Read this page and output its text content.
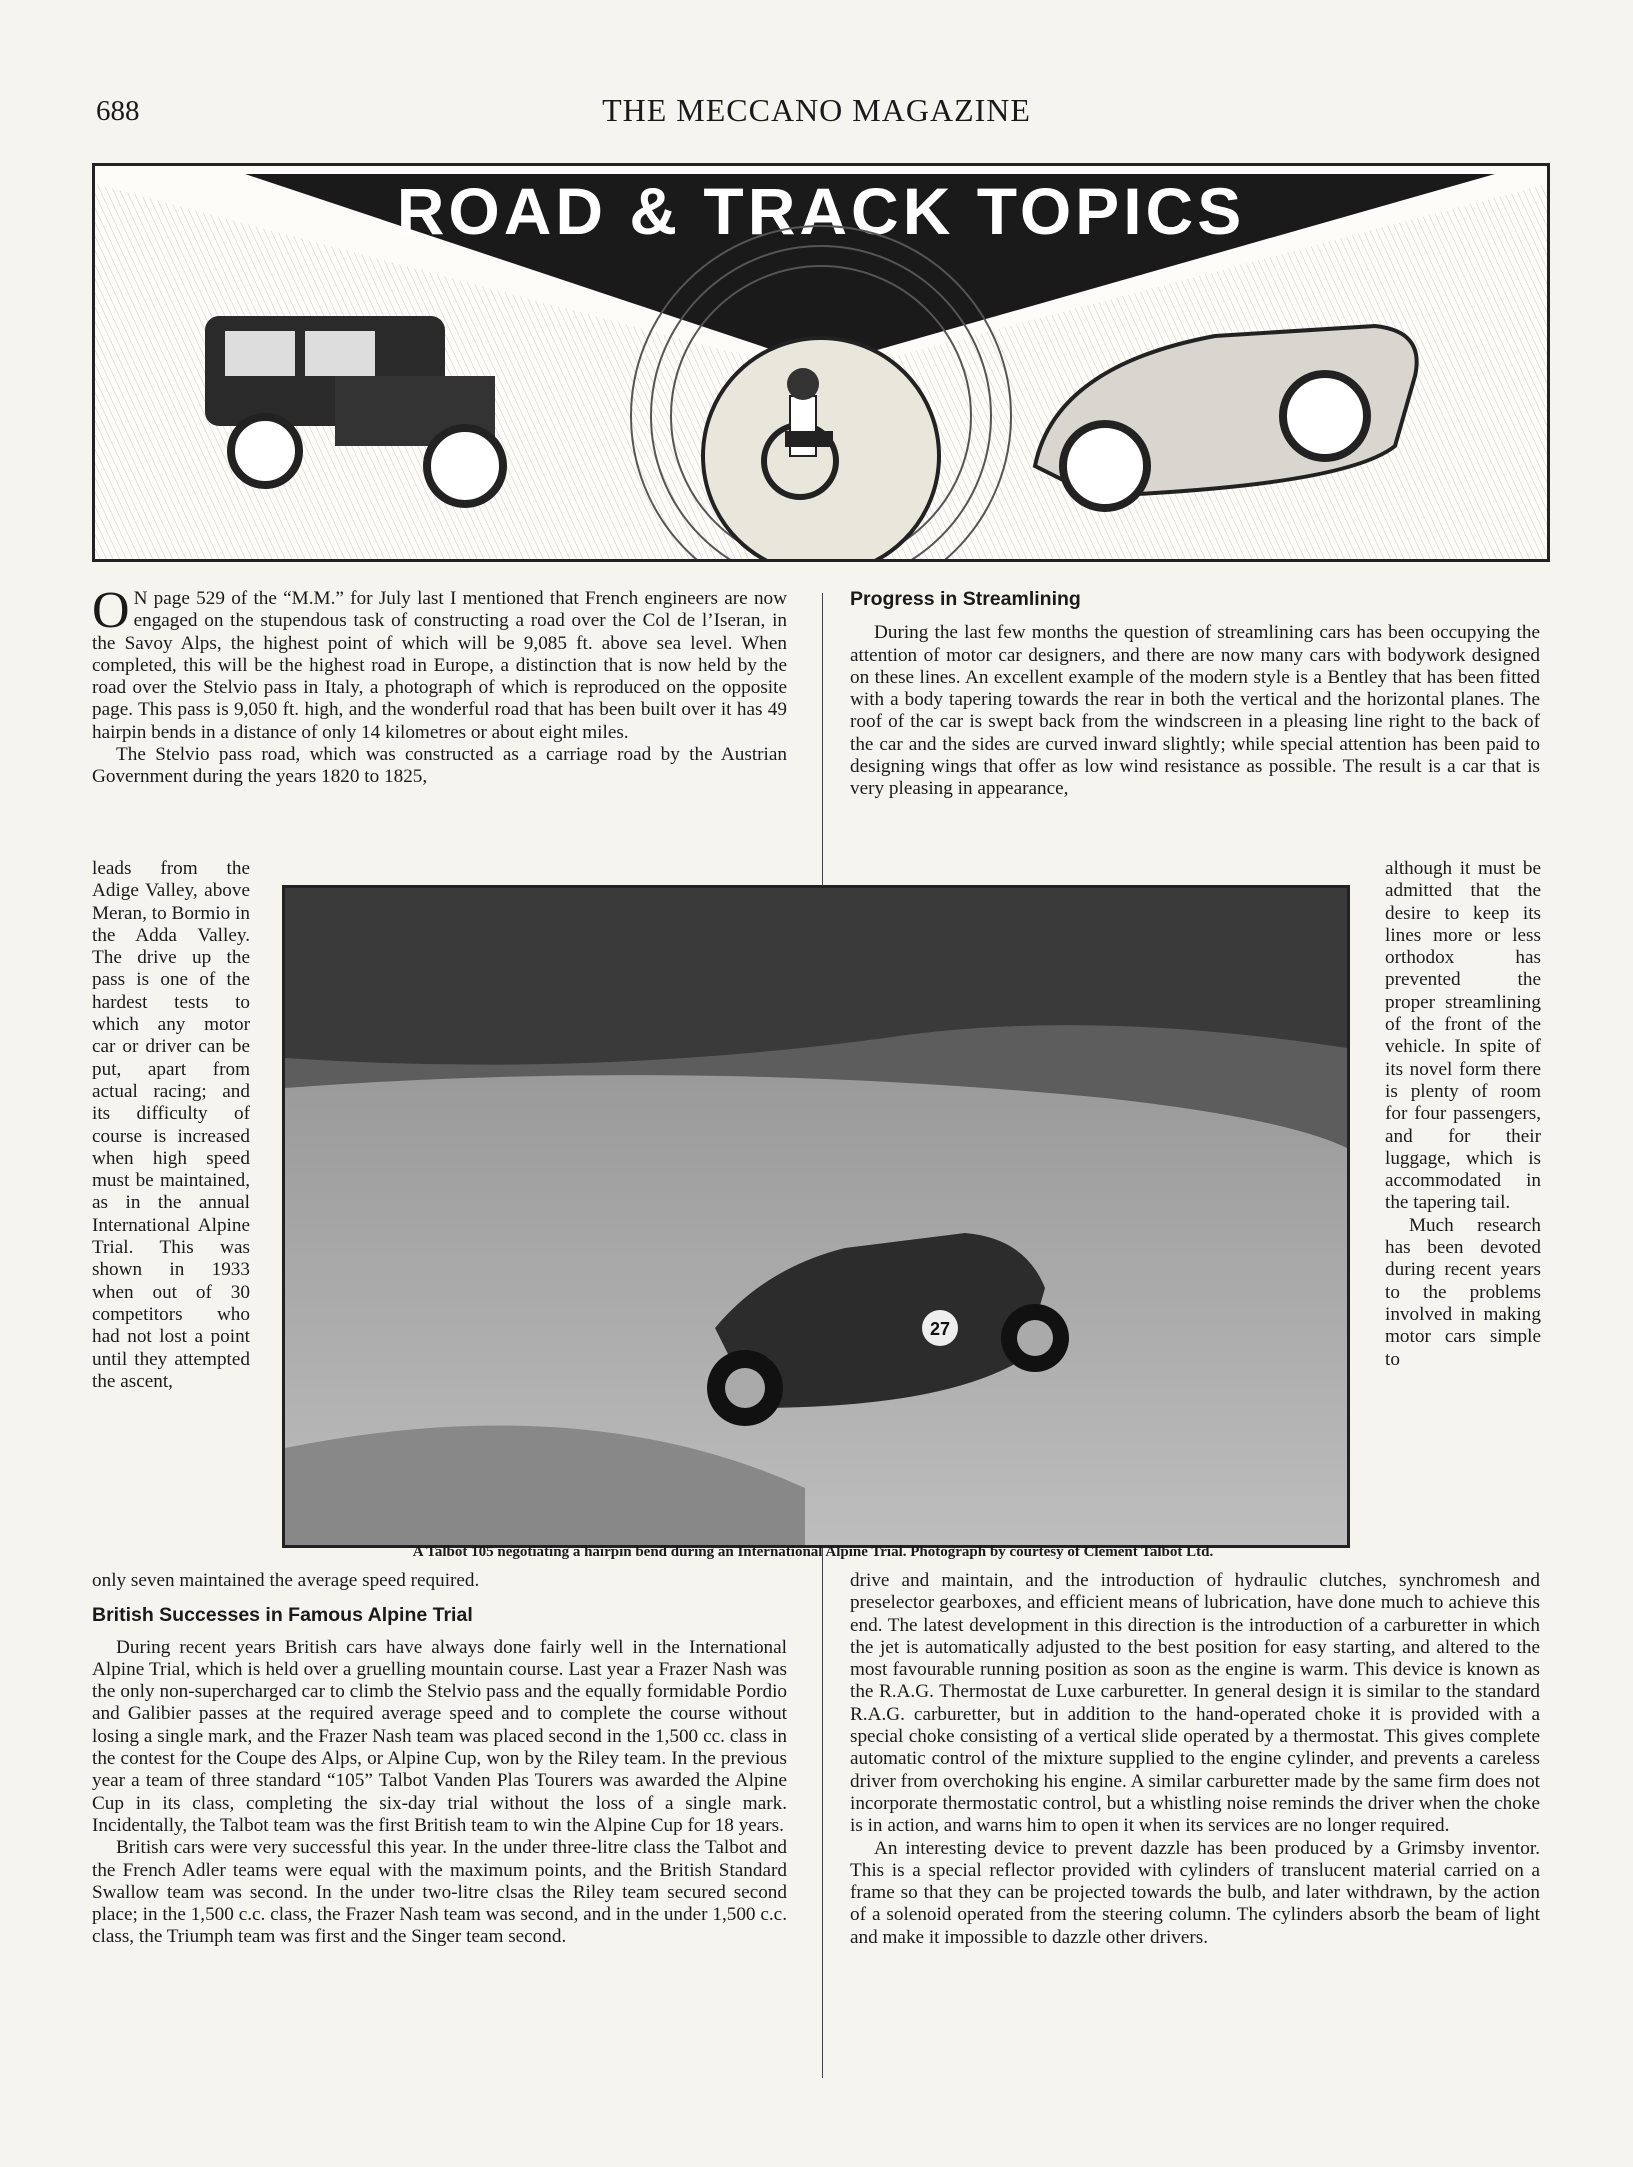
688	THE MECCANO MAGAZINE
ROAD & TRACK TOPICS

O N page 529 of the “M.M.” for July last I mentioned that French engineers are now engaged on the stupendous task of constructing a road over the Col de l’Iseran, in the Savoy Alps, the highest point of which will be 9,085 ft. above sea level. When completed, this will be the highest road in Europe, a distinction that is now held by the road over the Stelvio pass in Italy, a photograph of which is reproduced on the opposite page. This pass is 9,050 ft. high, and the wonderful road that has been built over it has 49 hairpin bends in a distance of only 14 kilometres or about eight miles.

The Stelvio pass road, which was constructed as a carriage road by the Austrian Government during the years 1820 to 1825,

leads from the Adige Valley, above Meran, to Bormio in the Adda Valley. The drive up the pass is one of the hardest tests to which any motor car or driver can be put, apart from actual racing; and its difficulty of course is increased when high speed must be maintained, as in the annual International Alpine Trial. This was shown in 1933 when out of 30 competitors who had not lost a point until they attempted the ascent,

only seven maintained the average speed required.

British Successes in Famous Alpine Trial

During recent years British cars have always done fairly well in the International Alpine Trial, which is held over a gruelling mountain course. Last year a Frazer Nash was the only non-supercharged car to climb the Stelvio pass and the equally formidable Pordio and Galibier passes at the required average speed and to complete the course without losing a single mark, and the Frazer Nash team was placed second in the 1,500 cc. class in the contest for the Coupe des Alps, or Alpine Cup, won by the Riley team. In the previous year a team of three standard “105” Talbot Vanden Plas Tourers was awarded the Alpine Cup in its class, completing the six-day trial without the loss of a single mark. Incidentally, the Talbot team was the first British team to win the Alpine Cup for 18 years.

British cars were very successful this year. In the under three-litre class the Talbot and the French Adler teams were equal with the maximum points, and the British Standard Swallow team was second. In the under two-litre clsas the Riley team secured second place; in the 1,500 c.c. class, the Frazer Nash team was second, and in the under 1,500 c.c. class, the Triumph team was first and the Singer team second.

Progress in Streamlining

During the last few months the question of streamlining cars has been occupying the attention of motor car designers, and there are now many cars with bodywork designed on these lines. An excellent example of the modern style is a Bentley that has been fitted with a body tapering towards the rear in both the vertical and the horizontal planes. The roof of the car is swept back from the windscreen in a pleasing line right to the back of the car and the sides are curved inward slightly; while special attention has been paid to designing wings that offer as low wind resistance as possible. The result is a car that is very pleasing in appearance,

although it must be admitted that the desire to keep its lines more or less orthodox has prevented the proper streamlining of the front of the vehicle. In spite of its novel form there is plenty of room for four passengers, and for their luggage, which is accommodated in the tapering tail.

Much research has been devoted during recent years to the problems involved in making motor cars simple to

drive and maintain, and the introduction of hydraulic clutches, synchromesh and preselector gearboxes, and efficient means of lubrication, have done much to achieve this end. The latest development in this direction is the introduction of a carburetter in which the jet is automatically adjusted to the best position for easy starting, and altered to the most favourable running position as soon as the engine is warm. This device is known as the R.A.G. Thermostat de Luxe carburetter. In general design it is similar to the standard R.A.G. carburetter, but in addition to the hand-operated choke it is provided with a special choke consisting of a vertical slide operated by a thermostat. This gives complete automatic control of the mixture supplied to the engine cylinder, and prevents a careless driver from overchoking his engine. A similar carburetter made by the same firm does not incorporate thermostatic control, but a whistling noise reminds the driver when the choke is in action, and warns him to open it when its services are no longer required.

An interesting device to prevent dazzle has been produced by a Grimsby inventor. This is a special reflector provided with cylinders of translucent material carried on a frame so that they can be projected towards the bulb, and later withdrawn, by the action of a solenoid operated from the steering column. The cylinders absorb the beam of light and make it impossible to dazzle other drivers.

27
A Talbot 105 negotiating a hairpin bend during an International Alpine Trial. Photograph by courtesy of Clement Talbot Ltd.
